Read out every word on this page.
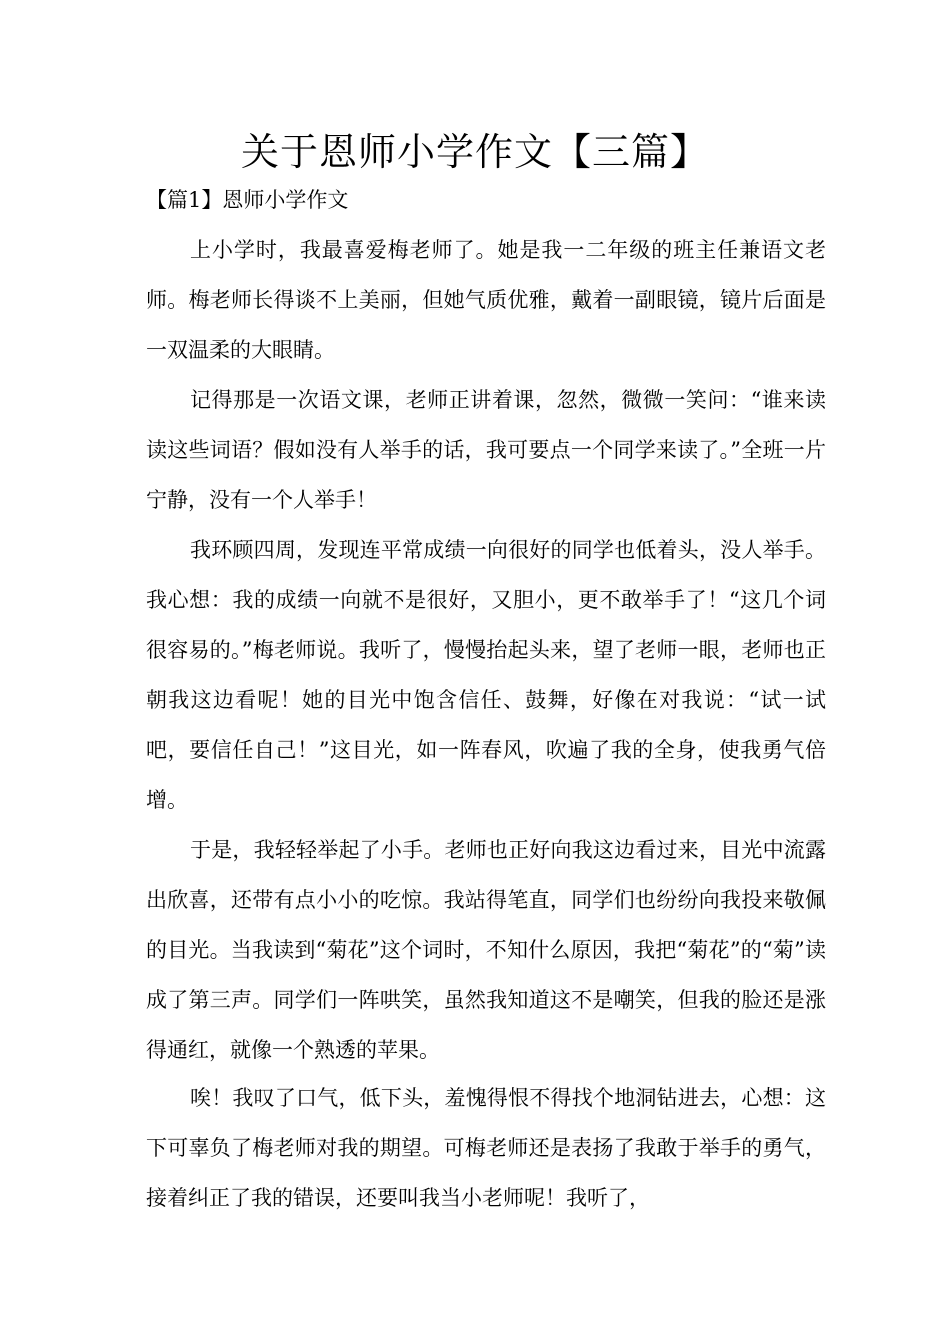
关于恩师小学作文【三篇】
【篇1】恩师小学作文

上小学时，我最喜爱梅老师了。她是我一二年级的班主任兼语文老师。梅老师长得谈不上美丽，但她气质优雅，戴着一副眼镜，镜片后面是一双温柔的大眼睛。

记得那是一次语文课，老师正讲着课，忽然，微微一笑问：“谁来读读这些词语？假如没有人举手的话，我可要点一个同学来读了。”全班一片宁静，没有一个人举手！

我环顾四周，发现连平常成绩一向很好的同学也低着头，没人举手。我心想：我的成绩一向就不是很好，又胆小，更不敢举手了！“这几个词很容易的。”梅老师说。我听了，慢慢抬起头来，望了老师一眼，老师也正朝我这边看呢！她的目光中饱含信任、鼓舞，好像在对我说：“试一试吧，要信任自己！”这目光，如一阵春风，吹遍了我的全身，使我勇气倍增。

于是，我轻轻举起了小手。老师也正好向我这边看过来，目光中流露出欣喜，还带有点小小的吃惊。我站得笔直，同学们也纷纷向我投来敬佩的目光。当我读到“菊花”这个词时，不知什么原因，我把“菊花”的“菊”读成了第三声。同学们一阵哄笑，虽然我知道这不是嘲笑，但我的脸还是涨得通红，就像一个熟透的苹果。

唉！我叹了口气，低下头，羞愧得恨不得找个地洞钻进去，心想：这下可辜负了梅老师对我的期望。可梅老师还是表扬了我敢于举手的勇气，接着纠正了我的错误，还要叫我当小老师呢！我听了，
